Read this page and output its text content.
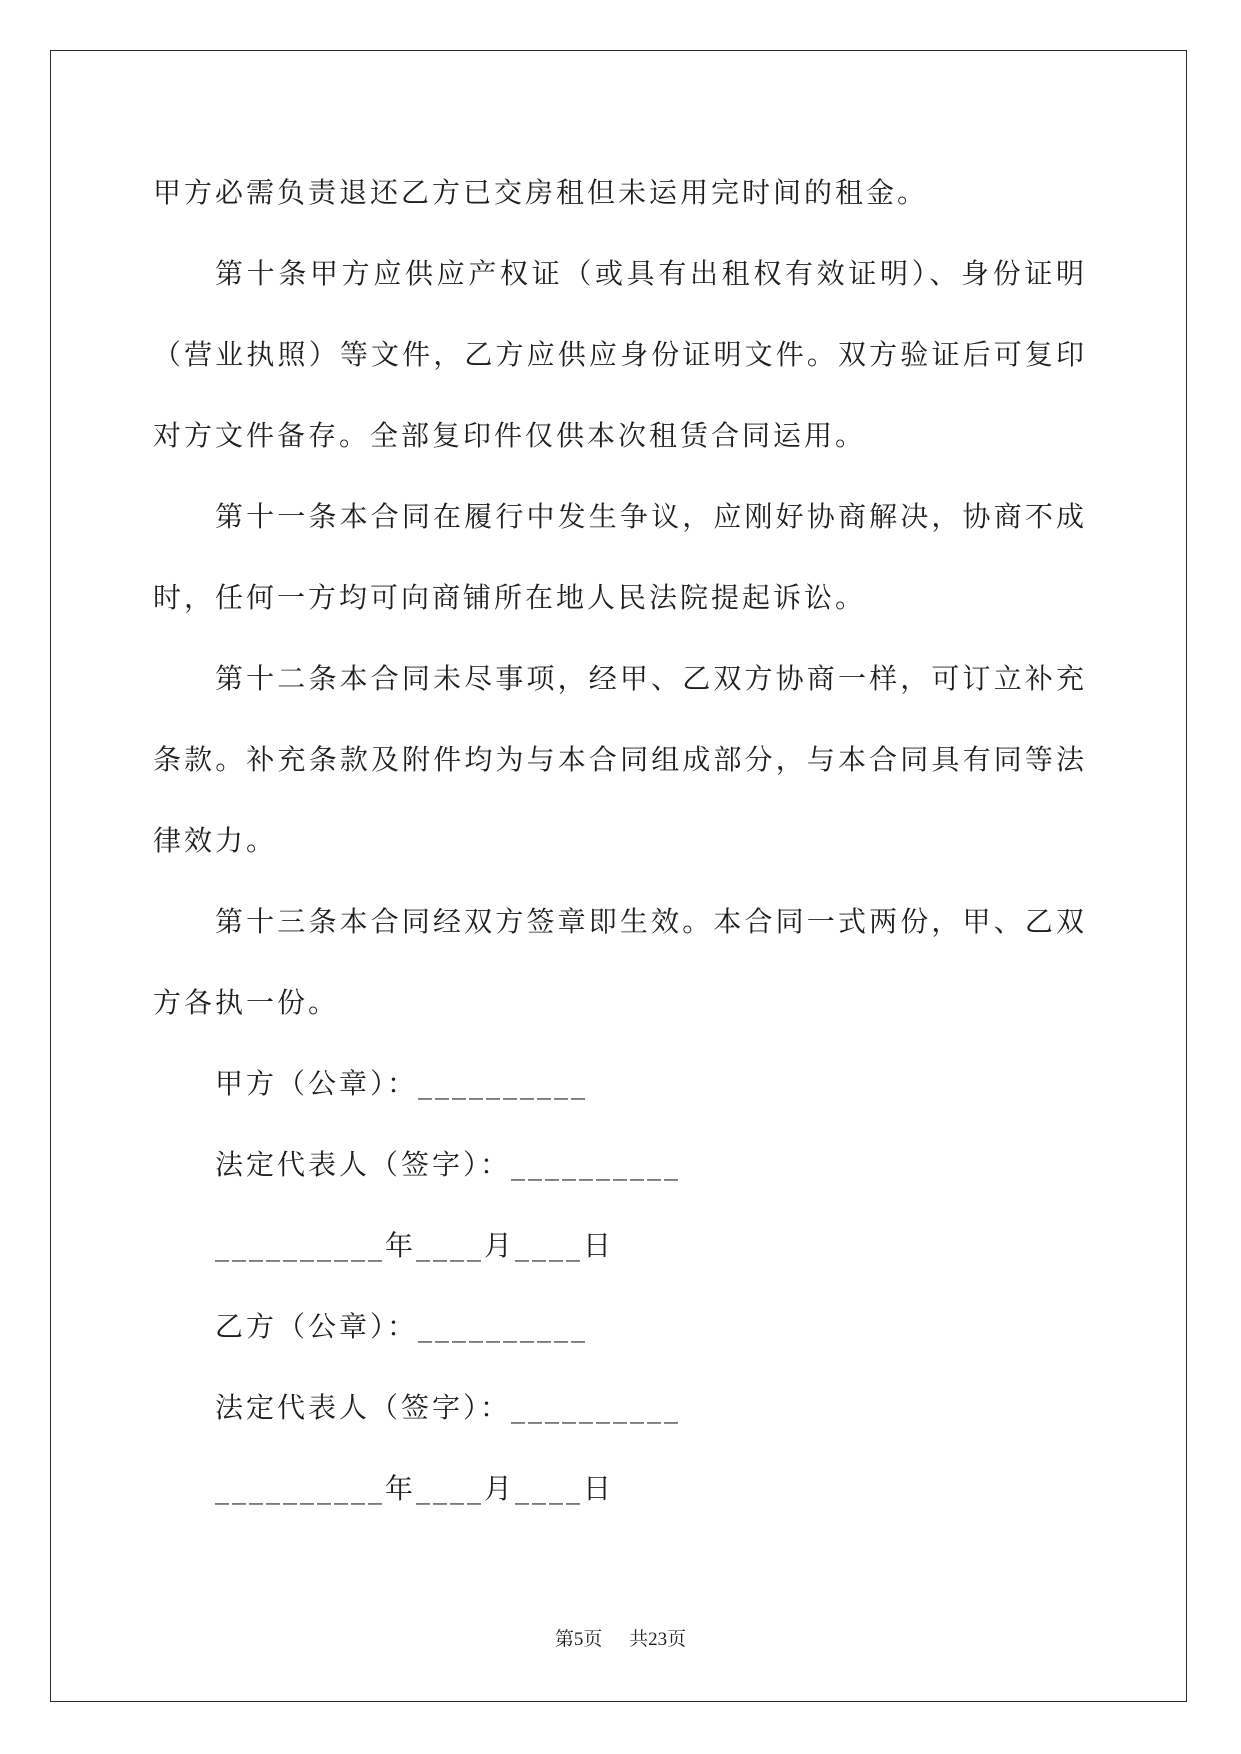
甲方必需负责退还乙方已交房租但未运用完时间的租金。
第十条甲方应供应产权证（或具有出租权有效证明）、身份证明
（营业执照）等文件，乙方应供应身份证明文件。双方验证后可复印
对方文件备存。全部复印件仅供本次租赁合同运用。
第十一条本合同在履行中发生争议，应刚好协商解决，协商不成
时，任何一方均可向商铺所在地人民法院提起诉讼。
第十二条本合同未尽事项，经甲、乙双方协商一样，可订立补充
条款。补充条款及附件均为与本合同组成部分，与本合同具有同等法
律效力。
第十三条本合同经双方签章即生效。本合同一式两份，甲、乙双
方各执一份。
甲方（公章）：__________
法定代表人（签字）：__________
__________年____月____日
乙方（公章）：__________
法定代表人（签字）：__________
__________年____月____日
第5页 共23页
